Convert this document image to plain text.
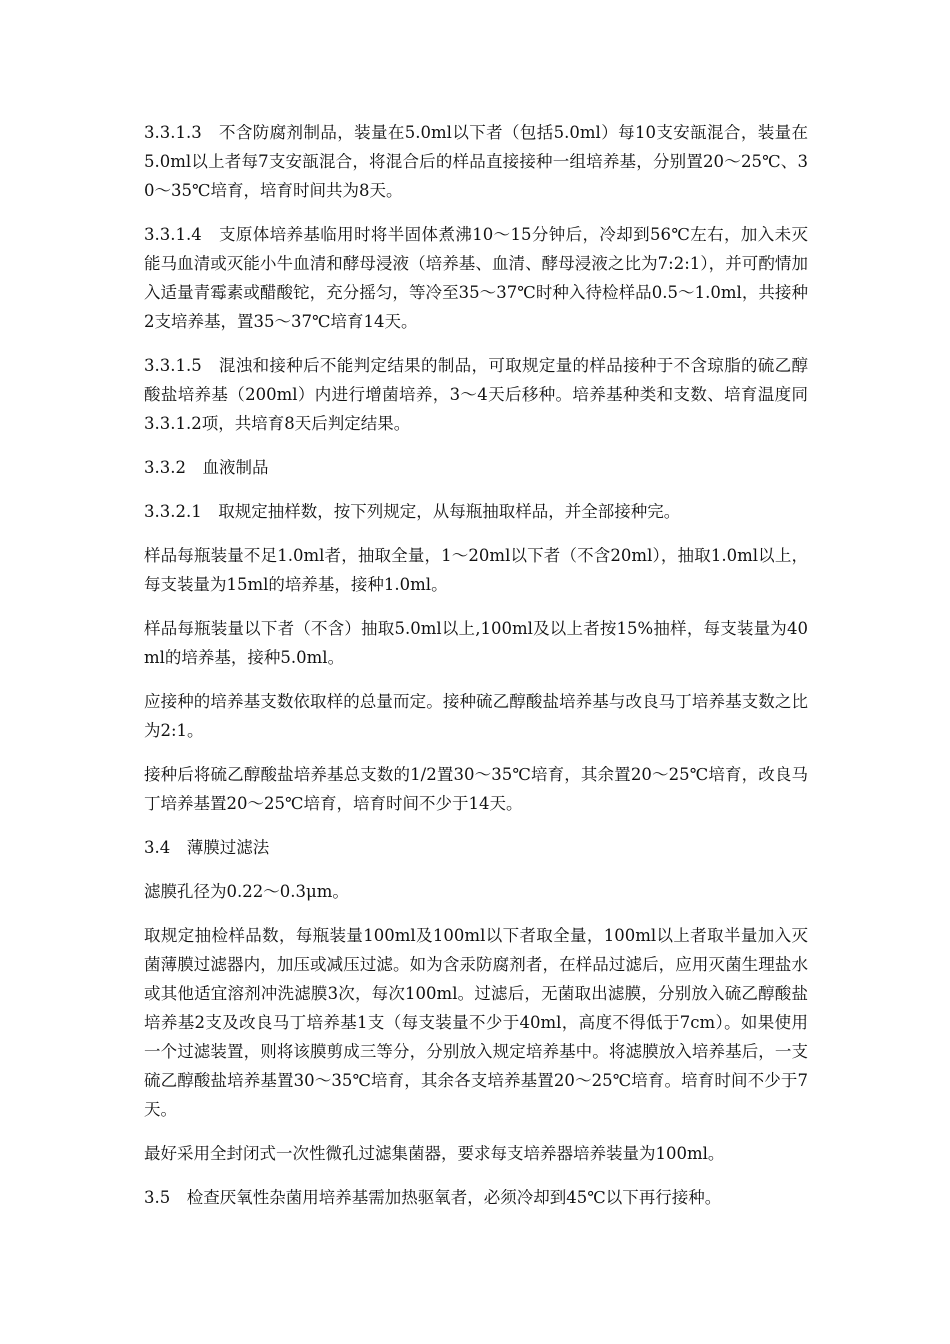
3.3.1.3　不含防腐剂制品，装量在5.0ml以下者（包括5.0ml）每10支安瓿混合，装量在5.0ml以上者每7支安瓿混合，将混合后的样品直接接种一组培养基，分别置20～25℃、30～35℃培育，培育时间共为8天。

3.3.1.4　支原体培养基临用时将半固体煮沸10～15分钟后，冷却到56℃左右，加入未灭能马血清或灭能小牛血清和酵母浸液（培养基、血清、酵母浸液之比为7:2:1），并可酌情加入适量青霉素或醋酸铊，充分摇匀，等冷至35～37℃时种入待检样品0.5～1.0ml，共接种2支培养基，置35～37℃培育14天。

3.3.1.5　混浊和接种后不能判定结果的制品，可取规定量的样品接种于不含琼脂的硫乙醇酸盐培养基（200ml）内进行增菌培养，3～4天后移种。培养基种类和支数、培育温度同3.3.1.2项，共培育8天后判定结果。

3.3.2　血液制品

3.3.2.1　取规定抽样数，按下列规定，从每瓶抽取样品，并全部接种完。

样品每瓶装量不足1.0ml者，抽取全量，1～20ml以下者（不含20ml），抽取1.0ml以上，每支装量为15ml的培养基，接种1.0ml。

样品每瓶装量以下者（不含）抽取5.0ml以上,100ml及以上者按15%抽样，每支装量为40ml的培养基，接种5.0ml。

应接种的培养基支数依取样的总量而定。接种硫乙醇酸盐培养基与改良马丁培养基支数之比为2:1。

接种后将硫乙醇酸盐培养基总支数的1/2置30～35℃培育，其余置20～25℃培育，改良马丁培养基置20～25℃培育，培育时间不少于14天。

3.4　薄膜过滤法

滤膜孔径为0.22～0.3μm。

取规定抽检样品数，每瓶装量100ml及100ml以下者取全量，100ml以上者取半量加入灭菌薄膜过滤器内，加压或减压过滤。如为含汞防腐剂者，在样品过滤后，应用灭菌生理盐水或其他适宜溶剂冲洗滤膜3次，每次100ml。过滤后，无菌取出滤膜，分别放入硫乙醇酸盐培养基2支及改良马丁培养基1支（每支装量不少于40ml，高度不得低于7cm）。如果使用一个过滤装置，则将该膜剪成三等分，分别放入规定培养基中。将滤膜放入培养基后，一支硫乙醇酸盐培养基置30～35℃培育，其余各支培养基置20～25℃培育。培育时间不少于7天。

最好采用全封闭式一次性微孔过滤集菌器，要求每支培养器培养装量为100ml。

3.5　检查厌氧性杂菌用培养基需加热驱氧者，必须冷却到45℃以下再行接种。
